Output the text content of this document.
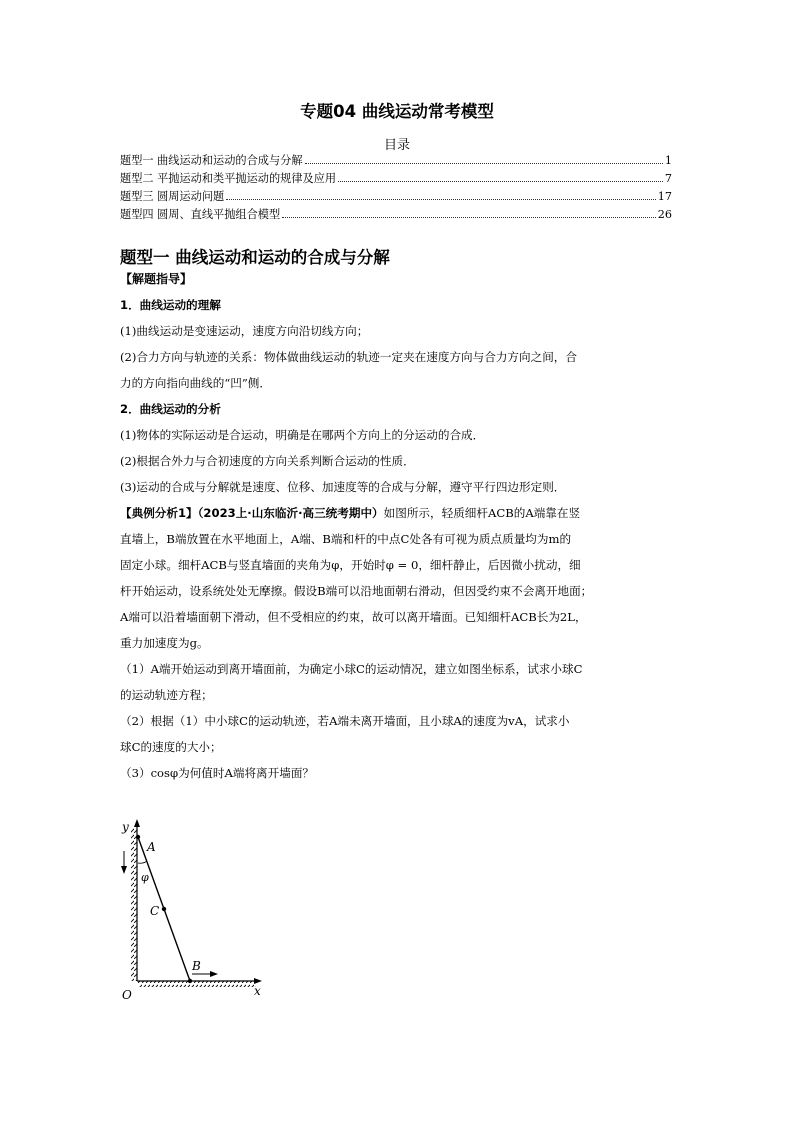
专题04 曲线运动常考模型
目录
题型一 曲线运动和运动的合成与分解	1
题型二 平抛运动和类平抛运动的规律及应用	7
题型三 圆周运动问题	17
题型四 圆周、直线平抛组合模型	26
题型一 曲线运动和运动的合成与分解
【解题指导】
1．曲线运动的理解
(1)曲线运动是变速运动，速度方向沿切线方向；
(2)合力方向与轨迹的关系：物体做曲线运动的轨迹一定夹在速度方向与合力方向之间，合
力的方向指向曲线的“凹”侧．
2．曲线运动的分析
(1)物体的实际运动是合运动，明确是在哪两个方向上的分运动的合成．
(2)根据合外力与合初速度的方向关系判断合运动的性质．
(3)运动的合成与分解就是速度、位移、加速度等的合成与分解，遵守平行四边形定则．
【典例分析1】（2023上·山东临沂·高三统考期中）如图所示，轻质细杆ACB的A端靠在竖
直墙上，B端放置在水平地面上，A端、B端和杆的中点C处各有可视为质点质量均为m的
固定小球。细杆ACB与竖直墙面的夹角为φ，开始时φ = 0，细杆静止，后因微小扰动，细
杆开始运动，设系统处处无摩擦。假设B端可以沿地面朝右滑动，但因受约束不会离开地面；
A端可以沿着墙面朝下滑动，但不受相应的约束，故可以离开墙面。已知细杆ACB长为2L，
重力加速度为g。
（1）A端开始运动到离开墙面前，为确定小球C的运动情况，建立如图坐标系，试求小球C
的运动轨迹方程；
（2）根据（1）中小球C的运动轨迹，若A端未离开墙面，且小球A的速度为vA，试求小
球C的速度的大小；
（3）cosφ为何值时A端将离开墙面？
y
A
φ
C
B
O	x
